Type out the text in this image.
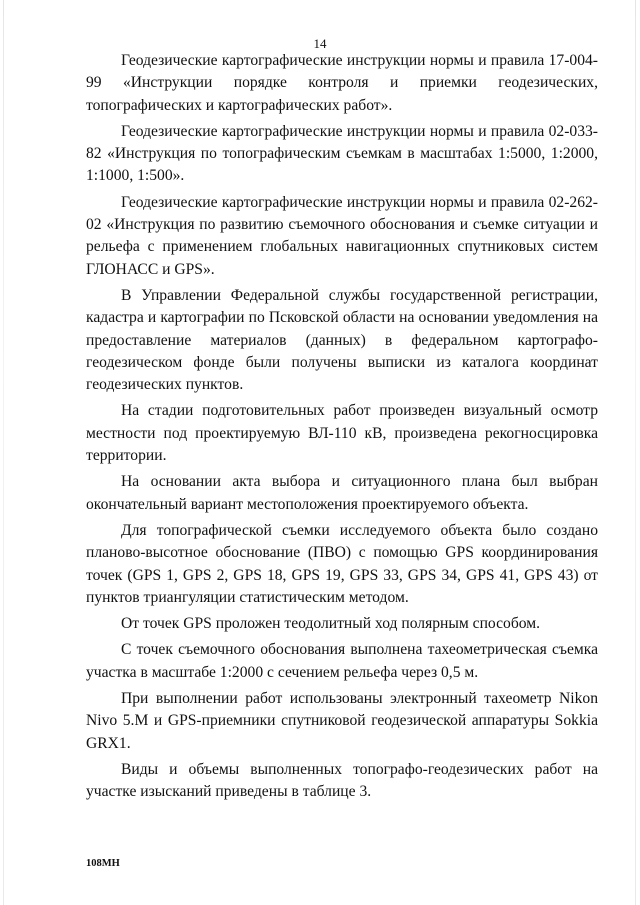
14

Геодезические картографические инструкции нормы и правила 17-004-99 «Инструкции порядке контроля и приемки геодезических, топографических и картографических работ».

Геодезические картографические инструкции нормы и правила 02-033-82 «Инструкция по топографическим съемкам в масштабах 1:5000, 1:2000, 1:1000, 1:500».

Геодезические картографические инструкции нормы и правила 02-262-02 «Инструкция по развитию съемочного обоснования и съемке ситуации и рельефа с применением глобальных навигационных спутниковых систем ГЛОНАСС и GPS».

В Управлении Федеральной службы государственной регистрации, кадастра и картографии по Псковской области на основании уведомления на предоставление материалов (данных) в федеральном картографо-геодезическом фонде были получены выписки из каталога координат геодезических пунктов.

На стадии подготовительных работ произведен визуальный осмотр местности под проектируемую ВЛ-110 кВ, произведена рекогносцировка территории.

На основании акта выбора и ситуационного плана был выбран окончательный вариант местоположения проектируемого объекта.

Для топографической съемки исследуемого объекта было создано планово-высотное обоснование (ПВО) с помощью GPS координирования точек (GPS 1, GPS 2, GPS 18, GPS 19, GPS 33, GPS 34, GPS 41, GPS 43) от пунктов триангуляции статистическим методом.

От точек GPS проложен теодолитный ход полярным способом.

С точек съемочного обоснования выполнена тахеометрическая съемка участка в масштабе 1:2000 с сечением рельефа через 0,5 м.

При выполнении работ использованы электронный тахеометр Nikon Nivo 5.M и GPS-приемники спутниковой геодезической аппаратуры Sokkia GRX1.

Виды и объемы выполненных топографо-геодезических работ на участке изысканий приведены в таблице 3.

108МН
